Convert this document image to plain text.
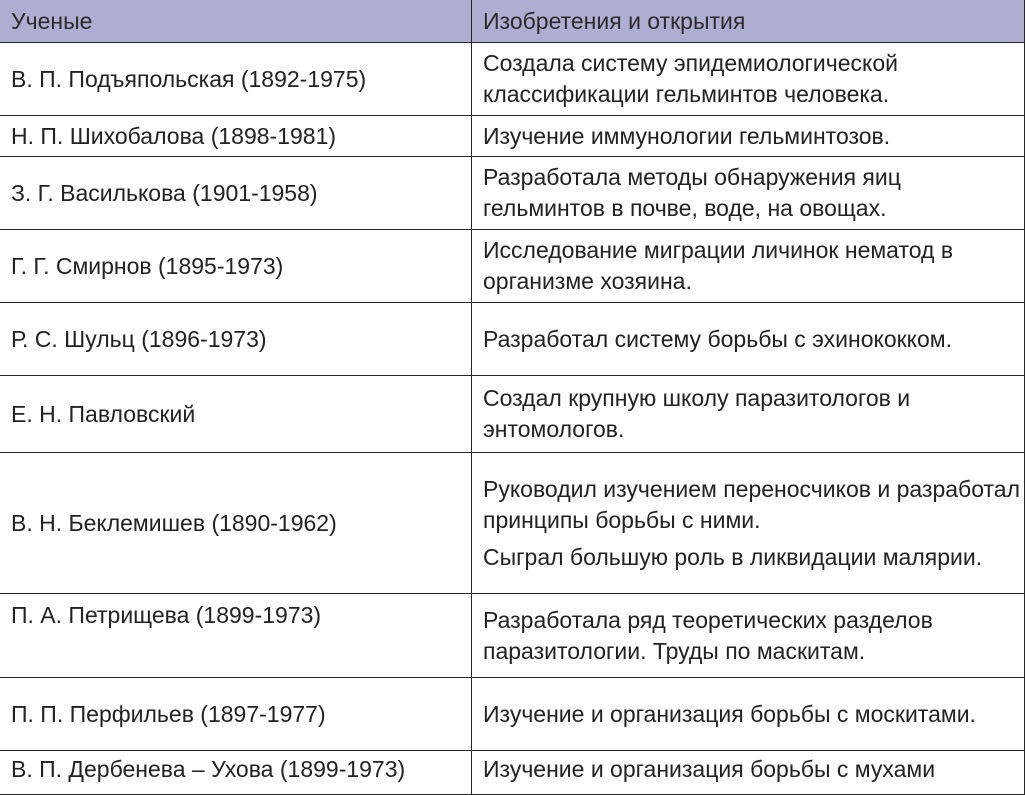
Ученые	Изобретения и открытия
В. П. Подъяпольская (1892-1975)	Создала систему эпидемиологической классификации гельминтов человека.

Н. П. Шихобалова (1898-1981)	Изучение иммунологии гельминтозов.

З. Г. Василькова (1901-1958)	Разработала методы обнаружения яиц гельминтов в почве, воде, на овощах.

Г. Г. Смирнов (1895-1973)	Исследование миграции личинок нематод в организме хозяина.

Р. С. Шульц (1896-1973)	Разработал систему борьбы с эхинококком.

Е. Н. Павловский	Создал крупную школу паразитологов и энтомологов.

В. Н. Беклемишев (1890-1962)	Руководил изучением переносчиков и разработал принципы борьбы с ними.
Сыграл большую роль в ликвидации малярии.

П. А. Петрищева (1899-1973)	Разработала ряд теоретических разделов паразитологии. Труды по маскитам.

П. П. Перфильев (1897-1977)	Изучение и организация борьбы с москитами.

В. П. Дербенева – Ухова (1899-1973)	Изучение и организация борьбы с мухами
